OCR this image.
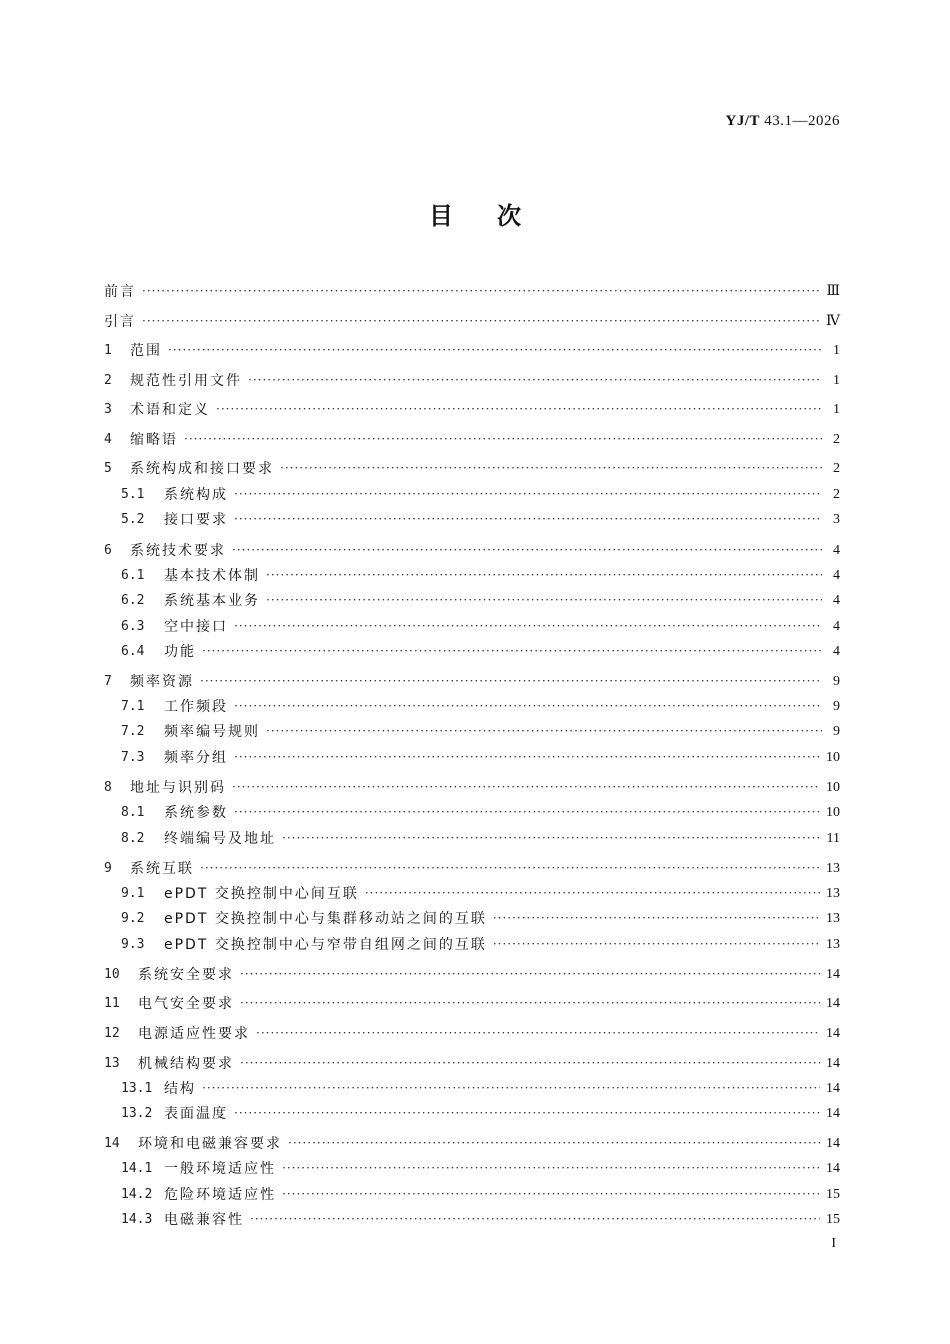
YJ/T 43.1—2026
目次
前言 ·····	Ⅲ
引言 ·····	Ⅳ
1	范围 ·····	1
2	规范性引用文件 ·····	1
3	术语和定义 ·····	1
4	缩略语 ·····	2
5	系统构成和接口要求 ·····	2
5.1	系统构成 ·····	2
5.2	接口要求 ·····	3
6	系统技术要求 ·····	4
6.1	基本技术体制 ·····	4
6.2	系统基本业务 ·····	4
6.3	空中接口 ·····	4
6.4	功能 ·····	4
7	频率资源 ·····	9
7.1	工作频段 ·····	9
7.2	频率编号规则 ·····	9
7.3	频率分组 ·····	10
8	地址与识别码 ·····	10
8.1	系统参数 ·····	10
8.2	终端编号及地址 ·····	11
9	系统互联 ·····	13
9.1	ePDT 交换控制中心间互联 ·····	13
9.2	ePDT 交换控制中心与集群移动站之间的互联 ·····	13
9.3	ePDT 交换控制中心与窄带自组网之间的互联 ·····	13
10	系统安全要求 ·····	14
11	电气安全要求 ·····	14
12	电源适应性要求 ·····	14
13	机械结构要求 ·····	14
13.1 结构 ·····	14
13.2 表面温度 ·····	14
14	环境和电磁兼容要求 ·····	14
14.1 一般环境适应性 ·····	14
14.2 危险环境适应性 ·····	15
14.3 电磁兼容性 ·····	15
I
